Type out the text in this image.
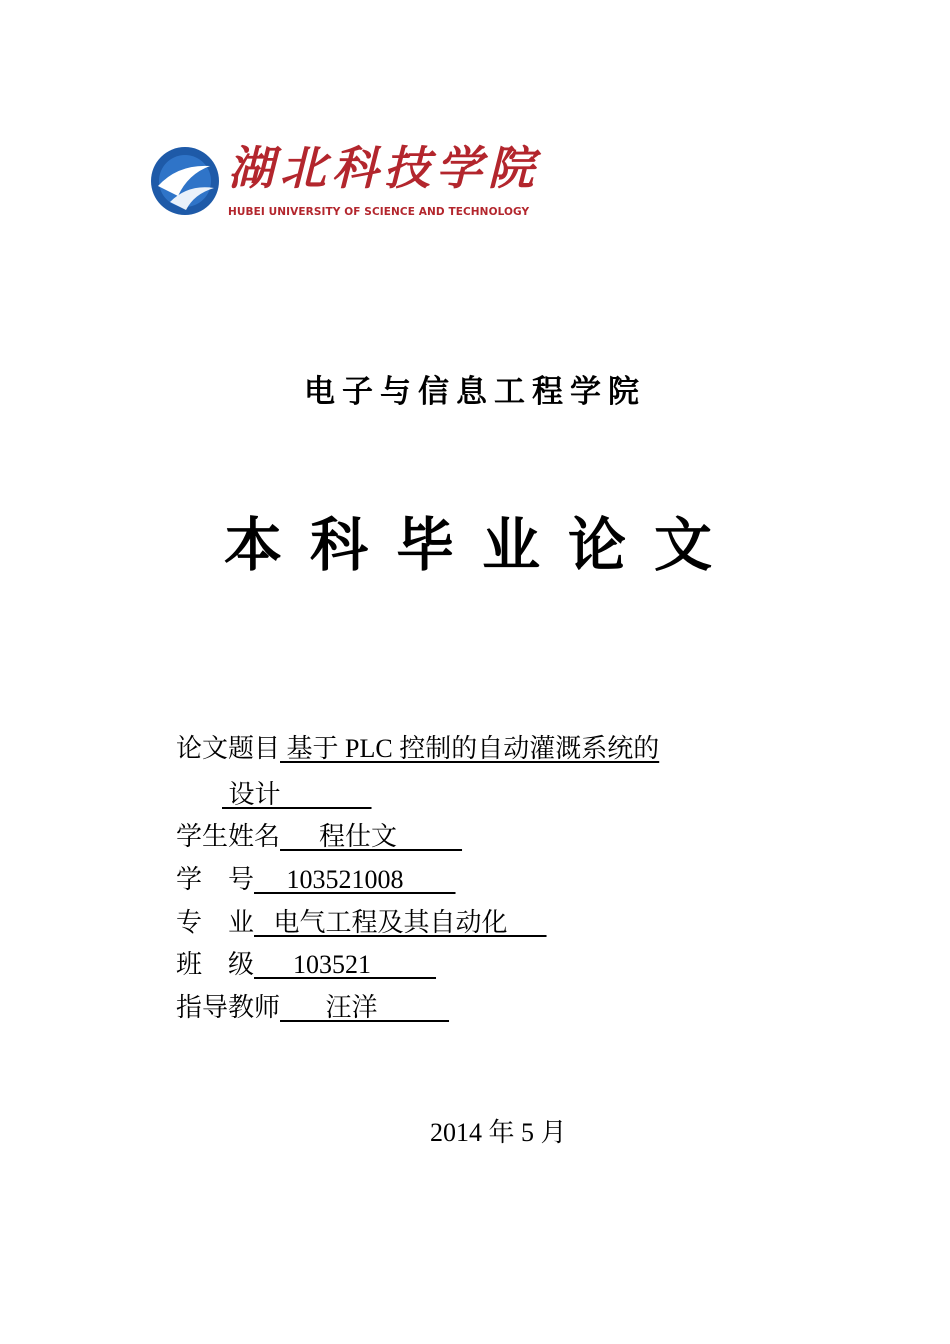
湖北科技学院
HUBEI UNIVERSITY OF SCIENCE AND TECHNOLOGY
电子与信息工程学院
本科毕业论文
论文题目 基于 PLC 控制的自动灌溉系统的
设计
学生姓名      程仕文
学    号     103521008
专    业   电气工程及其自动化
班    级      103521
指导教师       汪洋
2014 年 5 月
